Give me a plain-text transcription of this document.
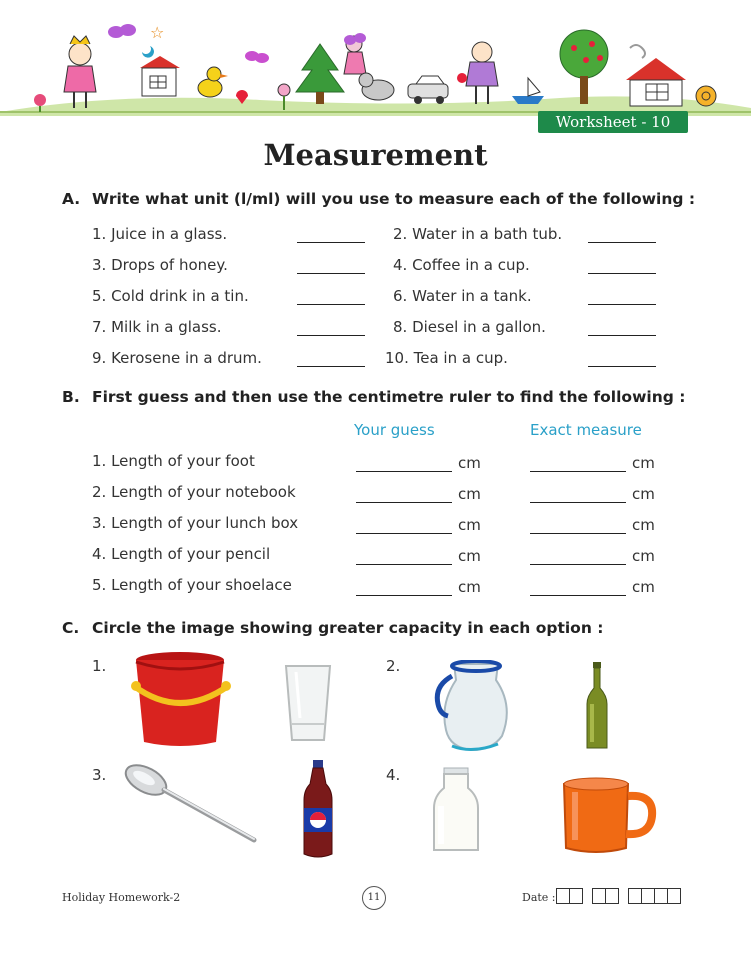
☆
Worksheet - 10
Measurement
A. Write what unit (l/ml) will you use to measure each of the following :
1. Juice in a glass.	2. Water in a bath tub.
3. Drops of honey.	4. Coffee in a cup.
5. Cold drink in a tin.	6. Water in a tank.
7. Milk in a glass.	8. Diesel in a gallon.
9. Kerosene in a drum.	10. Tea in a cup.
B. First guess and then use the centimetre ruler to find the following :
Your guess	Exact measure
1. Length of your foot	cm	cm
2. Length of your notebook	cm	cm
3. Length of your lunch box	cm	cm
4. Length of your pencil	cm	cm
5. Length of your shoelace	cm	cm
C. Circle the image showing greater capacity in each option :
1.	2.
3.	4.
Holiday Homework-2	11	Date :
